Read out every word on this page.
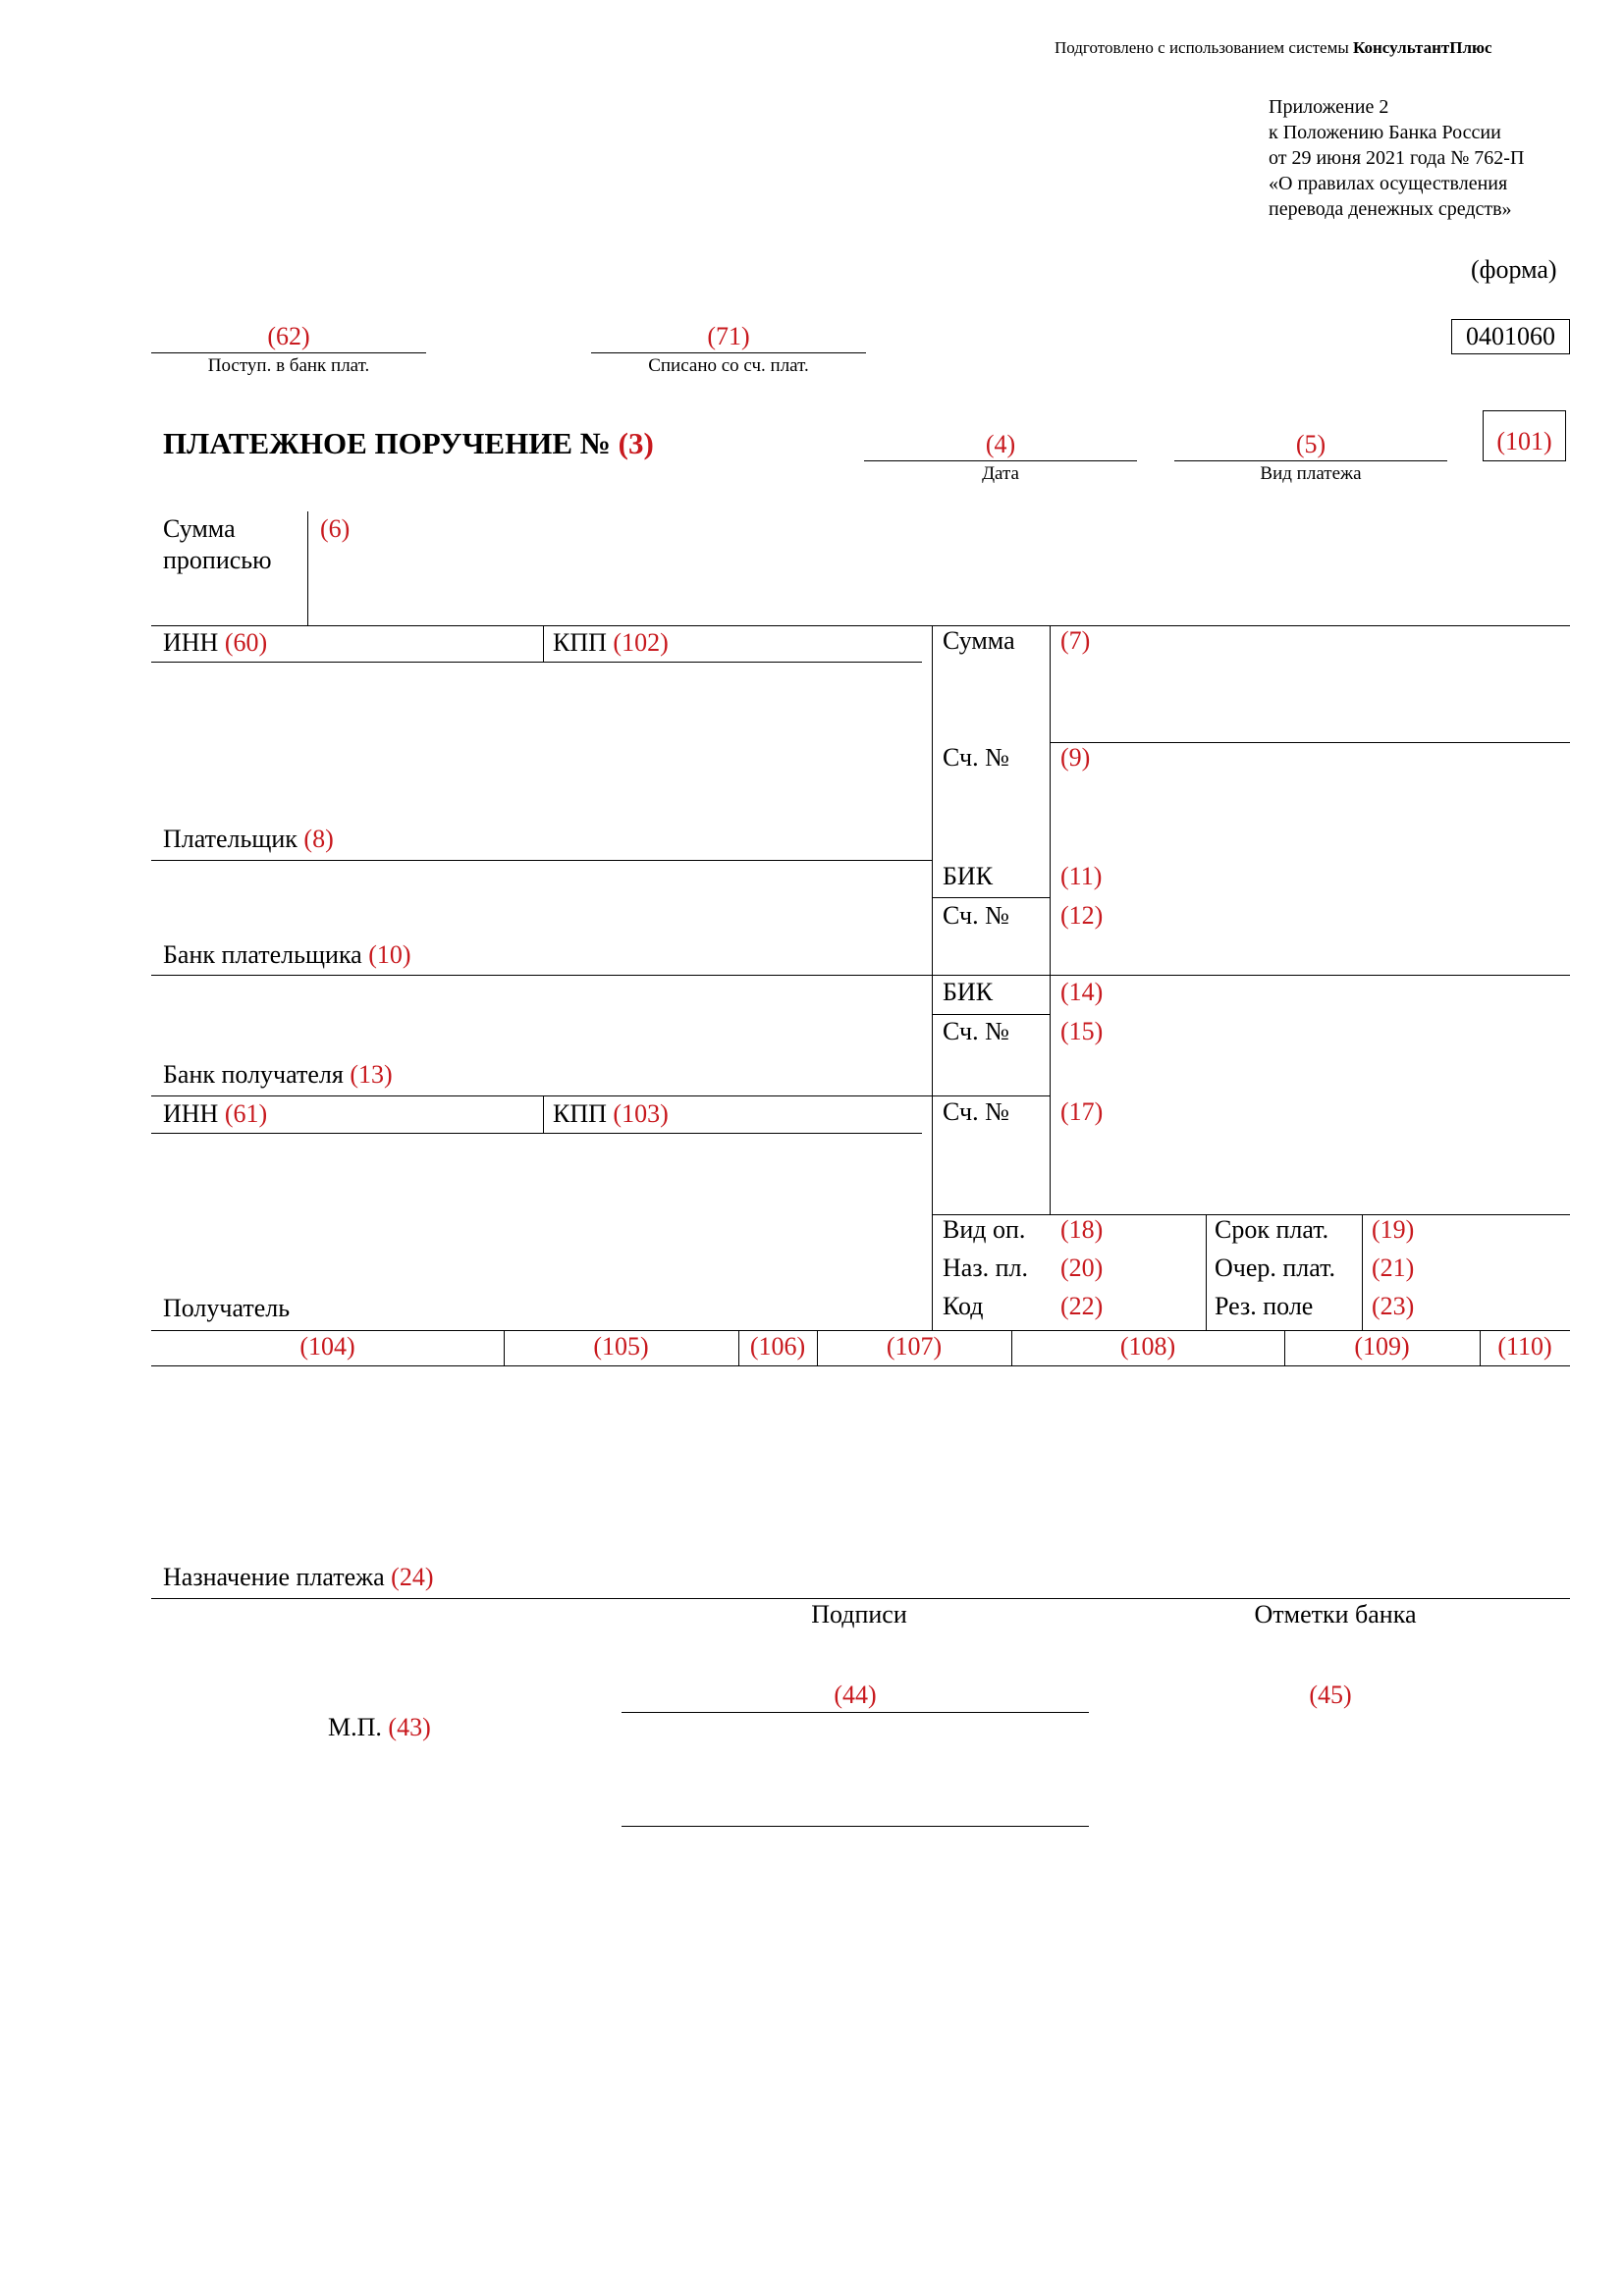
Подготовлено с использованием системы КонсультантПлюс
Приложение 2
к Положению Банка России
от 29 июня 2021 года № 762-П
«О правилах осуществления
перевода денежных средств»
(форма)
0401060
(62)
Поступ. в банк плат.
(71)
Списано со сч. плат.
ПЛАТЕЖНОЕ ПОРУЧЕНИЕ № (3)	(4)
Дата
(5)
Вид платежа
(101)
Сумма
прописью
(6)
ИНН (60)	КПП (102)	Сумма (7)
Сч. № (9)
Плательщик (8)
БИК	(11)
Сч. № (12)
Банк плательщика (10)
БИК	(14)
Сч. № (15)
Банк получателя (13)
ИНН (61)	КПП (103)	Сч. № (17)
Получатель
Вид оп. (18)	Срок плат. (19)
Наз. пл. (20)	Очер. плат. (21)
Код	(22)	Рез. поле (23)
(104)	(105)	(106)	(107)	(108)	(109)	(110)
Назначение платежа (24)
Подписи	Отметки банка
(44)	(45)
М.П. (43)
